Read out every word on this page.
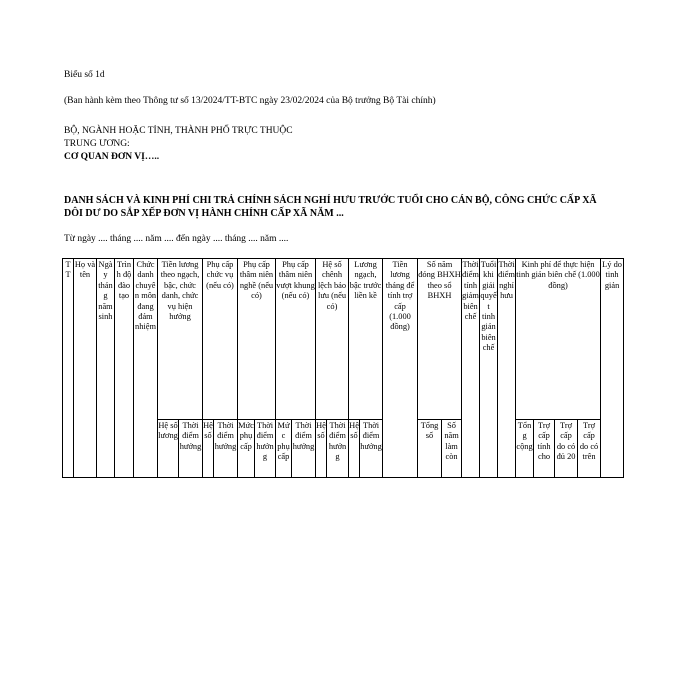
Biểu số 1d
(Ban hành kèm theo Thông tư số 13/2024/TT-BTC ngày 23/02/2024 của Bộ trưởng Bộ Tài chính)
BỘ, NGÀNH HOẶC TỈNH, THÀNH PHỐ TRỰC THUỘC
TRUNG ƯƠNG:
CƠ QUAN ĐƠN VỊ…..
DANH SÁCH VÀ KINH PHÍ CHI TRẢ CHÍNH SÁCH NGHỈ HƯU TRƯỚC TUỔI CHO CÁN BỘ, CÔNG CHỨC CẤP XÃ
DÔI DƯ DO SẮP XẾP ĐƠN VỊ HÀNH CHÍNH CẤP XÃ NĂM ...
Từ ngày .... tháng .... năm .... đến ngày .... tháng .... năm ....
TT	Họ và tên	Ngày tháng năm sinh	Trình độ đào tạo	Chức danh chuyên môn đang đảm nhiệm	Tiền lương theo ngạch, bậc, chức danh, chức vụ hiện hưởng		Phụ cấp chức vụ (nếu có)		Phụ cấp thâm niên nghề (nếu có)		Phụ cấp thâm niên vượt khung (nếu có)		Hệ số chênh lệch bảo lưu (nếu có)		Lương ngạch, bậc trước liền kề		Tiền lương tháng để tính trợ cấp (1.000 đồng)	Số năm đóng BHXH theo sổ BHXH		Thời điểm tính giảm biên chế	Tuổi khi giải quyết tinh giản biên chế	Thời điểm nghỉ hưu	Kinh phí để thực hiện tinh giản biên chế (1.000 đồng)				Lý do tinh giản
					Hệ số lương	Thời điểm hưởng	Hệ số	Thời điểm hưởng	Mức phụ cấp	Thời điểm hưởng	Mức phụ cấp	Thời điểm hưởng	Hệ số	Thời điểm hưởng	Hệ số	Thời điểm hưởng		Tổng số	Số năm làm còn				Tổng cộng	Trợ cấp tính cho	Trợ cấp do có đủ 20	Trợ cấp do có trên	
